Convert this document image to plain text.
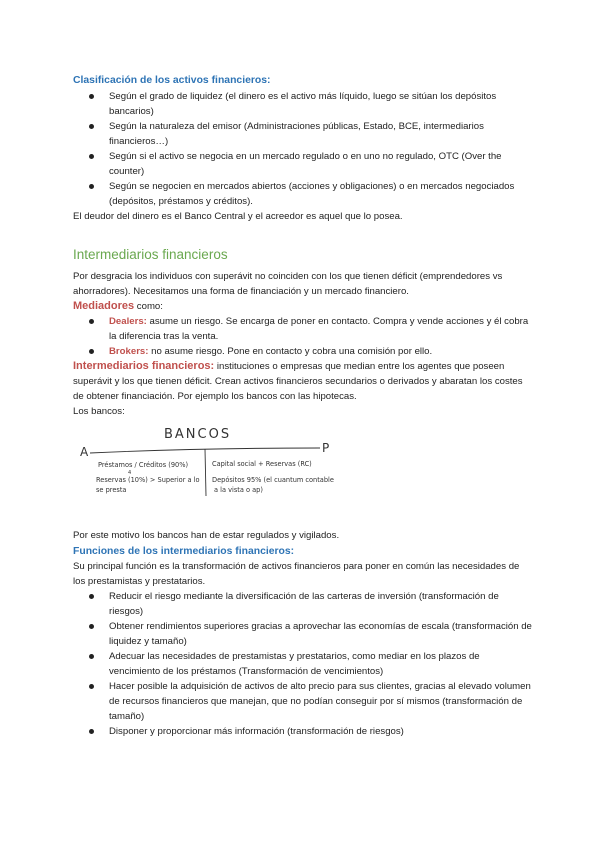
Clasificación de los activos financieros:
Según el grado de liquidez (el dinero es el activo más líquido, luego se sitúan los depósitos bancarios)
Según la naturaleza del emisor (Administraciones públicas, Estado, BCE, intermediarios financieros…)
Según si el activo se negocia en un mercado regulado o en uno no regulado, OTC (Over the counter)
Según se negocien en mercados abiertos (acciones y obligaciones) o en mercados negociados (depósitos, préstamos y créditos).

El deudor del dinero es el Banco Central y el acreedor es aquel que lo posea.

Intermediarios financieros

Por desgracia los individuos con superávit no coinciden con los que tienen déficit (emprendedores vs ahorradores). Necesitamos una forma de financiación y un mercado financiero.

Mediadores como:

Dealers: asume un riesgo. Se encarga de poner en contacto. Compra y vende acciones y él cobra la diferencia tras la venta.
Brokers: no asume riesgo. Pone en contacto y cobra una comisión por ello.

Intermediarios financieros: instituciones o empresas que median entre los agentes que poseen superávit y los que tienen déficit. Crean activos financieros secundarios o derivados y abaratan los costes de obtener financiación. Por ejemplo los bancos con las hipotecas.

Los bancos:

BANCOS
A	P
Préstamos / Créditos (90%)
4
Reservas (10%) > Superior a lo
se presta
Capital social + Reservas (RC)
Depósitos 95% (el cuantum contable
a la vista o ap)

Por este motivo los bancos han de estar regulados y vigilados.

Funciones de los intermediarios financieros:

Su principal función es la transformación de activos financieros para poner en común las necesidades de los prestamistas y prestatarios.

Reducir el riesgo mediante la diversificación de las carteras de inversión (transformación de riesgos)
Obtener rendimientos superiores gracias a aprovechar las economías de escala (transformación de liquidez y tamaño)
Adecuar las necesidades de prestamistas y prestatarios, como mediar en los plazos de vencimiento de los préstamos (Transformación de vencimientos)
Hacer posible la adquisición de activos de alto precio para sus clientes, gracias al elevado volumen de recursos financieros que manejan, que no podían conseguir por sí mismos (transformación de tamaño)
Disponer y proporcionar más información (transformación de riesgos)
